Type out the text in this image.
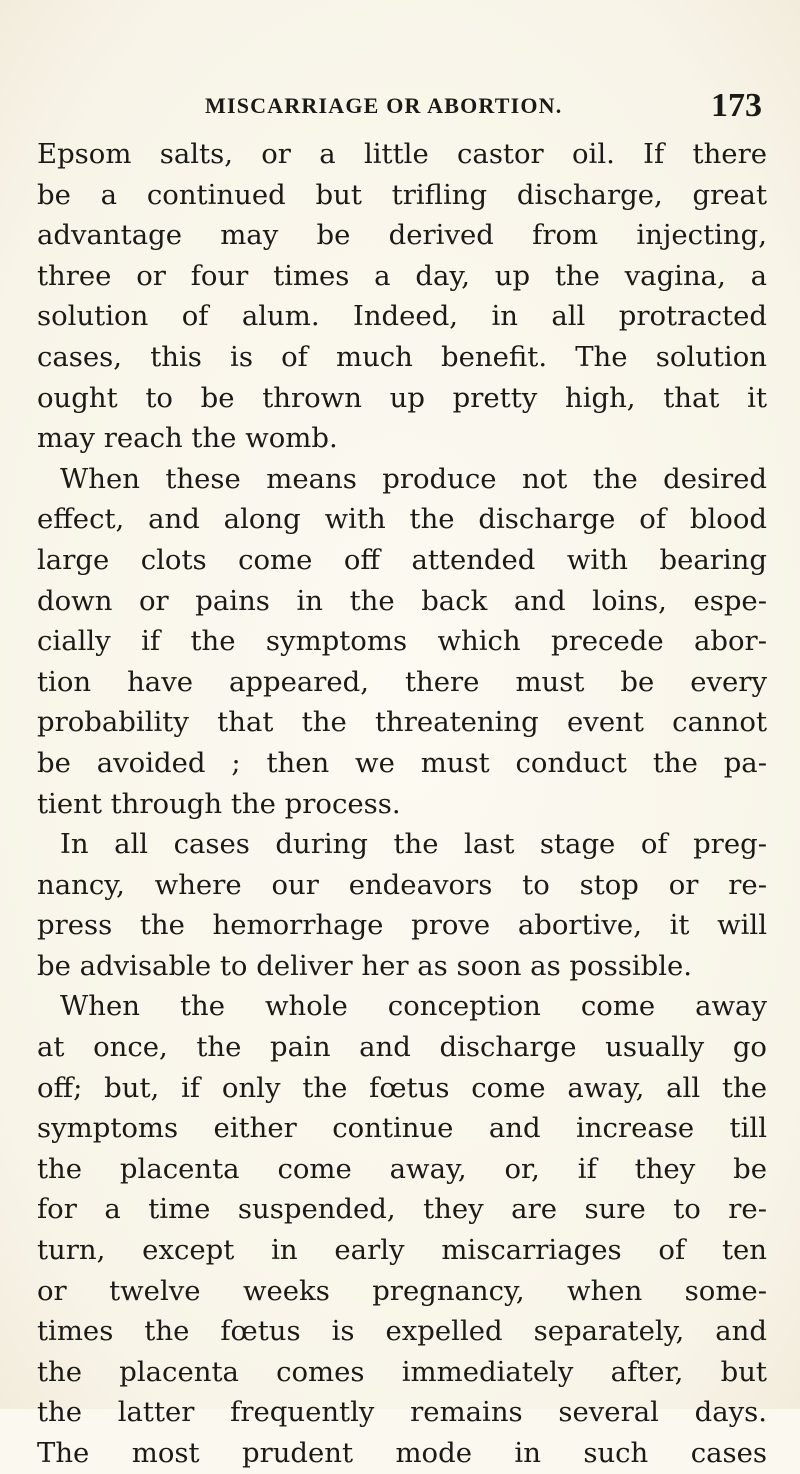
MISCARRIAGE OR ABORTION.	173
Epsom salts, or a little castor oil. If there
be a continued but trifling discharge, great
advantage may be derived from injecting,
three or four times a day, up the vagina, a
solution of alum. Indeed, in all protracted
cases, this is of much benefit. The solution
ought to be thrown up pretty high, that it
may reach the womb.
When these means produce not the desired
effect, and along with the discharge of blood
large clots come off attended with bearing
down or pains in the back and loins, espe-
cially if the symptoms which precede abor-
tion have appeared, there must be every
probability that the threatening event cannot
be avoided ; then we must conduct the pa-
tient through the process.
In all cases during the last stage of preg-
nancy, where our endeavors to stop or re-
press the hemorrhage prove abortive, it will
be advisable to deliver her as soon as possible.
When the whole conception come away
at once, the pain and discharge usually go
off; but, if only the fœtus come away, all the
symptoms either continue and increase till
the placenta come away, or, if they be
for a time suspended, they are sure to re-
turn, except in early miscarriages of ten
or twelve weeks pregnancy, when some-
times the fœtus is expelled separately, and
the placenta comes immediately after, but
the latter frequently remains several days.
The most prudent mode in such cases
